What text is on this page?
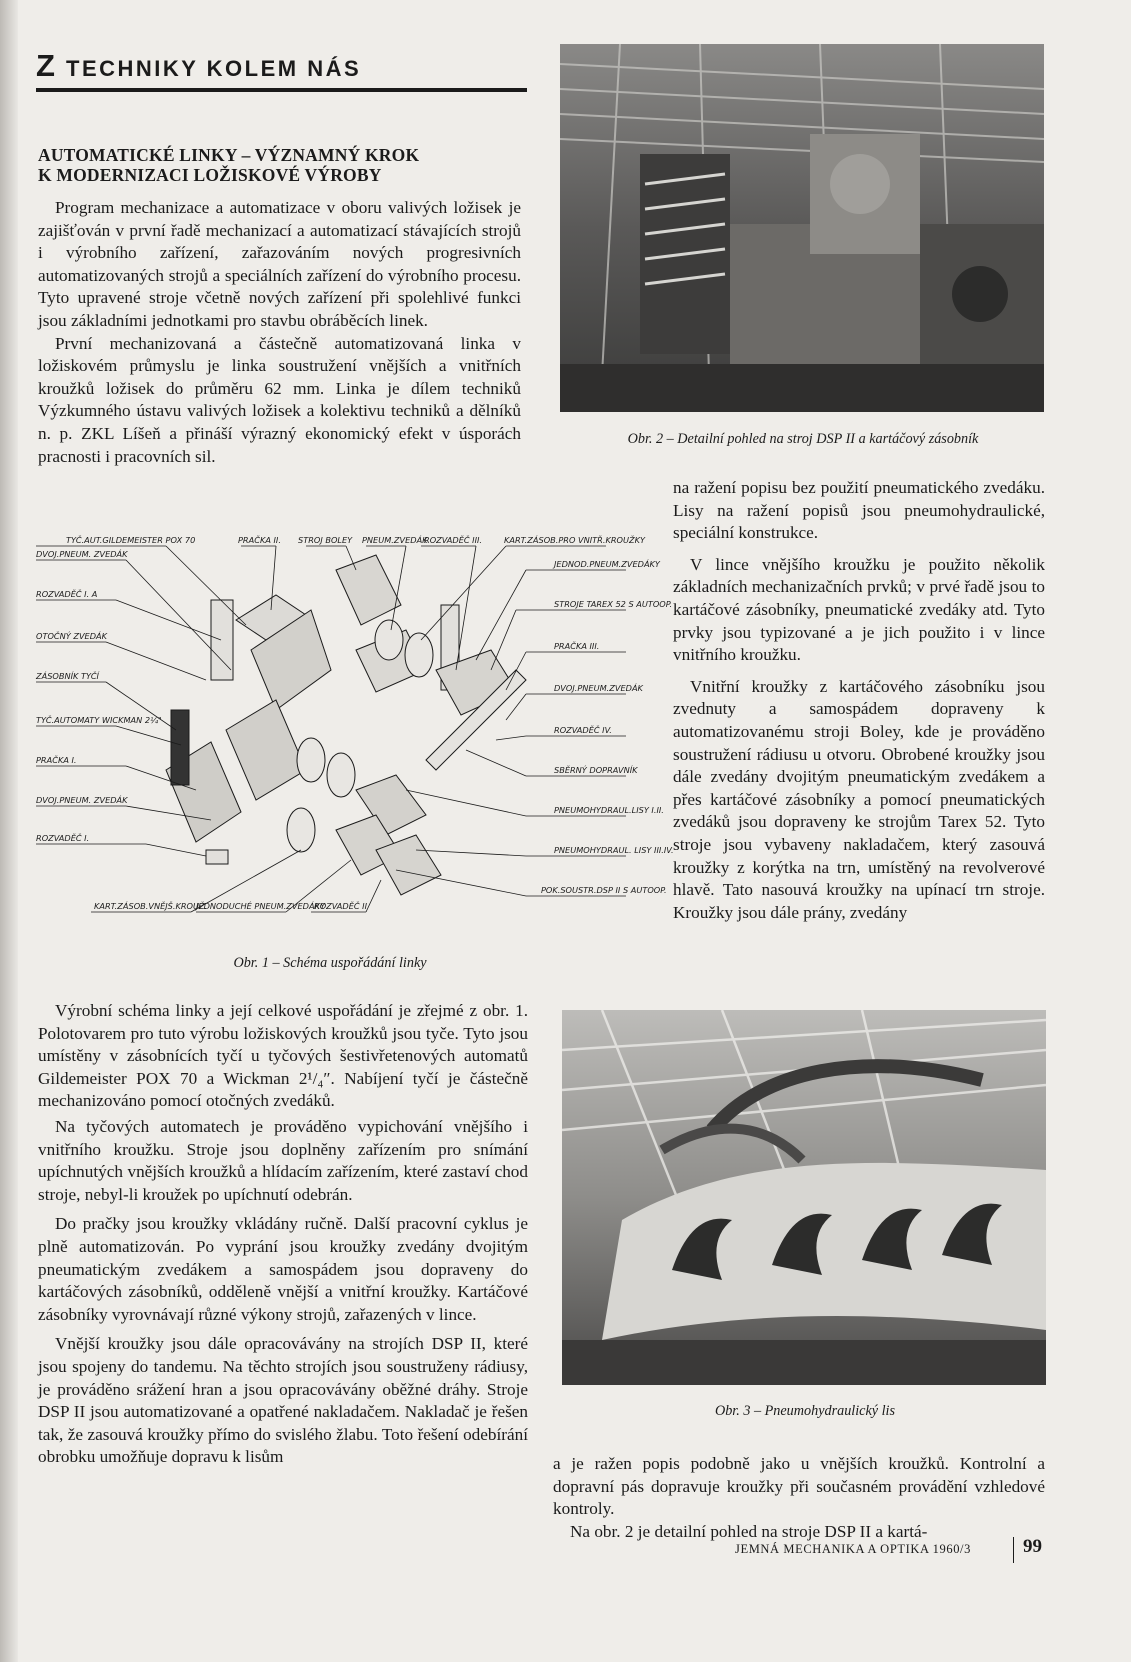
Z TECHNIKY KOLEM NÁS
AUTOMATICKÉ LINKY – VÝZNAMNÝ KROK
K MODERNIZACI LOŽISKOVÉ VÝROBY

Program mechanizace a automatizace v oboru valivých ložisek je zajišťován v první řadě mechanizací a automatizací stávajících strojů i výrobního zařízení, zařazováním nových progresivních automatizovaných strojů a speciálních zařízení do výrobního procesu. Tyto upravené stroje včetně nových zařízení při spolehlivé funkci jsou základními jednotkami pro stavbu obráběcích linek.

První mechanizovaná a částečně automatizovaná linka v ložiskovém průmyslu je linka soustružení vnějších a vnitřních kroužků ložisek do průměru 62 mm. Linka je dílem techniků Výzkumného ústavu valivých ložisek a kolektivu techniků a dělníků n. p. ZKL Líšeň a přináší výrazný ekonomický efekt v úsporách pracnosti i pracovních sil.

Obr. 2 – Detailní pohled na stroj DSP II a kartáčový zásobník

na ražení popisu bez použití pneumatického zvedáku. Lisy na ražení popisů jsou pneumohydraulické, speciální konstrukce.

V lince vnějšího kroužku je použito několik základních mechanizačních prvků; v prvé řadě jsou to kartáčové zásobníky, pneumatické zvedáky atd. Tyto prvky jsou typizované a je jich použito i v lince vnitřního kroužku.

Vnitřní kroužky z kartáčového zásobníku jsou zvednuty a samospádem dopraveny k automatizovanému stroji Boley, kde je prováděno soustružení rádiusu u otvoru. Obrobené kroužky jsou dále zvedány dvojitým pneumatickým zvedákem a přes kartáčové zásobníky a pomocí pneumatických zvedáků jsou dopraveny ke strojům Tarex 52. Tyto stroje jsou vybaveny nakladačem, který zasouvá kroužky z korýtka na trn, umístěný na revolverové hlavě. Tato nasouvá kroužky na upínací trn stroje. Kroužky jsou dále prány, zvedány

TYČ.AUT.GILDEMEISTER POX 70	PRAČKA II. STROJ BOLEY PNEUM.ZVEDÁK
ROZVADĚČ III.	KART.ZÁSOB.PRO VNITŘ.KROUŽKY
DVOJ.PNEUM. ZVEDÁK
ROZVADĚČ I. A
OTOČNÝ ZVEDÁK
ZÁSOBNÍK TYČÍ
TYČ.AUTOMATY WICKMAN 2¼"
PRAČKA I.
DVOJ.PNEUM. ZVEDÁK
ROZVADĚČ I.
JEDNOD.PNEUM.ZVEDÁKY
STROJE TAREX 52 S AUTOOP.
PRAČKA III.
DVOJ.PNEUM.ZVEDÁK
ROZVADĚČ IV.
SBĚRNÝ DOPRAVNÍK
PNEUMOHYDRAUL.LISY I.II.
PNEUMOHYDRAUL. LISY III.IV.
POK.SOUSTR.DSP II S AUTOOP.
KART.ZÁSOB.VNĚJŠ.KROUŽ.
JEDNODUCHÉ PNEUM.ZVEDÁKY
ROZVADĚČ II
Obr. 1 – Schéma uspořádání linky

Výrobní schéma linky a její celkové uspořádání je zřejmé z obr. 1. Polotovarem pro tuto výrobu ložiskových kroužků jsou tyče. Tyto jsou umístěny v zásobnících tyčí u tyčových šestivřetenových automatů Gildemeister POX 70 a Wickman 2¹/₄″. Nabíjení tyčí je částečně mechanizováno pomocí otočných zvedáků.

Na tyčových automatech je prováděno vypichování vnějšího i vnitřního kroužku. Stroje jsou doplněny zařízením pro snímání upíchnutých vnějších kroužků a hlídacím zařízením, které zastaví chod stroje, nebyl-li kroužek po upíchnutí odebrán.

Do pračky jsou kroužky vkládány ručně. Další pracovní cyklus je plně automatizován. Po vyprání jsou kroužky zvedány dvojitým pneumatickým zvedákem a samospádem jsou dopraveny do kartáčových zásobníků, odděleně vnější a vnitřní kroužky. Kartáčové zásobníky vyrovnávají různé výkony strojů, zařazených v lince.

Vnější kroužky jsou dále opracovávány na strojích DSP II, které jsou spojeny do tandemu. Na těchto strojích jsou soustruženy rádiusy, je prováděno srážení hran a jsou opracovávány oběžné dráhy. Stroje DSP II jsou automatizované a opatřené nakladačem. Nakladač je řešen tak, že zasouvá kroužky přímo do svislého žlabu. Toto řešení odebírání obrobku umožňuje dopravu k lisům

Obr. 3 – Pneumohydraulický lis

a je ražen popis podobně jako u vnějších kroužků. Kontrolní a dopravní pás dopravuje kroužky při současném provádění vzhledové kontroly.

Na obr. 2 je detailní pohled na stroje DSP II a kartá-

JEMNÁ MECHANIKA A OPTIKA 1960/3	99
